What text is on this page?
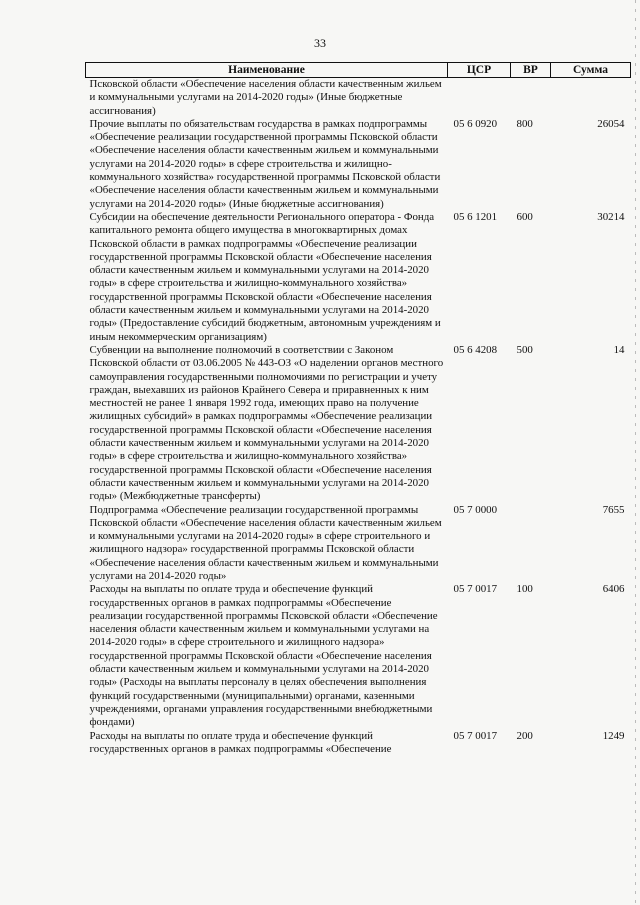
33
Наименование	ЦСР	ВР	Сумма
Псковской области «Обеспечение населения области качественным жильем и коммунальными услугами на 2014-2020 годы» (Иные бюджетные ассигнования)			
Прочие выплаты по обязательствам государства в рамках подпрограммы «Обеспечение реализации государственной программы Псковской области «Обеспечение населения области качественным жильем и коммунальными услугами на 2014-2020 годы» в сфере строительства и жилищно-коммунального хозяйства» государственной программы Псковской области «Обеспечение населения области качественным жильем и коммунальными услугами на 2014-2020 годы» (Иные бюджетные ассигнования)	05 6 0920	800	26054
Субсидии на обеспечение деятельности Регионального оператора - Фонда капитального ремонта общего имущества в многоквартирных домах Псковской области в рамках подпрограммы «Обеспечение реализации государственной программы Псковской области «Обеспечение населения области качественным жильем и коммунальными услугами на 2014-2020 годы» в сфере строительства и жилищно-коммунального хозяйства» государственной программы Псковской области «Обеспечение населения области качественным жильем и коммунальными услугами на 2014-2020 годы» (Предоставление субсидий бюджетным, автономным учреждениям и иным некоммерческим организациям)	05 6 1201	600	30214
Субвенции на выполнение полномочий в соответствии с Законом Псковской области от 03.06.2005 № 443-ОЗ «О наделении органов местного самоуправления государственными полномочиями по регистрации и учету граждан, выехавших из районов Крайнего Севера и приравненных к ним местностей не ранее 1 января 1992 года, имеющих право на получение жилищных субсидий» в рамках подпрограммы «Обеспечение реализации государственной программы Псковской области «Обеспечение населения области качественным жильем и коммунальными услугами на 2014-2020 годы» в сфере строительства и жилищно-коммунального хозяйства» государственной программы Псковской области «Обеспечение населения области качественным жильем и коммунальными услугами на 2014-2020 годы» (Межбюджетные трансферты)	05 6 4208	500	14
Подпрограмма «Обеспечение реализации государственной программы Псковской области «Обеспечение населения области качественным жильем и коммунальными услугами на 2014-2020 годы» в сфере строительного и жилищного надзора» государственной программы Псковской области «Обеспечение населения области качественным жильем и коммунальными услугами на 2014-2020 годы»	05 7 0000		7655
Расходы на выплаты по оплате труда и обеспечение функций государственных органов в рамках подпрограммы «Обеспечение реализации государственной программы Псковской области «Обеспечение населения области качественным жильем и коммунальными услугами на 2014-2020 годы» в сфере строительного и жилищного надзора» государственной программы Псковской области «Обеспечение населения области качественным жильем и коммунальными услугами на 2014-2020 годы» (Расходы на выплаты персоналу в целях обеспечения выполнения функций государственными (муниципальными) органами, казенными учреждениями, органами управления государственными внебюджетными фондами)	05 7 0017	100	6406
Расходы на выплаты по оплате труда и обеспечение функций государственных органов в рамках подпрограммы «Обеспечение	05 7 0017	200	1249
